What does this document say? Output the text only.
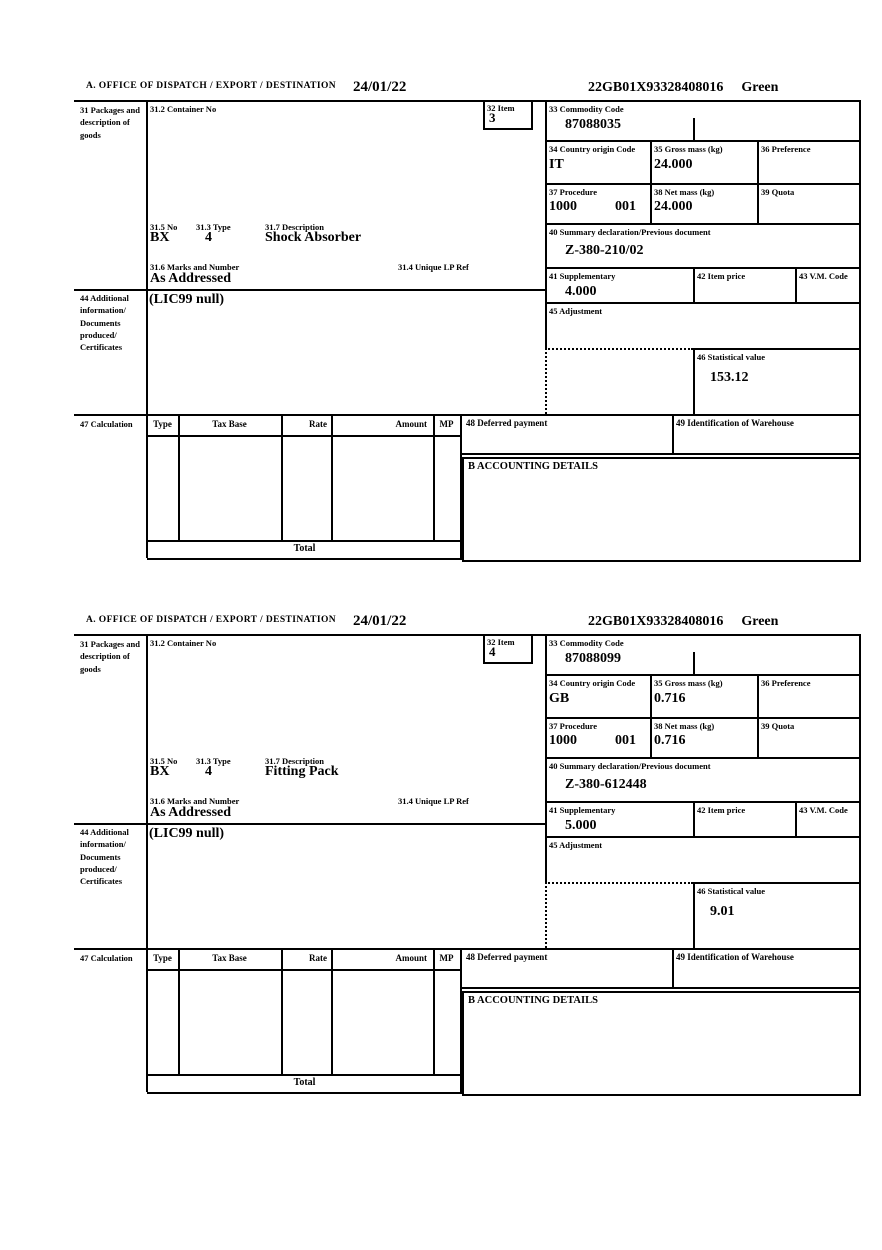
A. OFFICE OF DISPATCH / EXPORT / DESTINATION 24/01/22	22GB01X93328408016 Green
31 Packages and description of goods
44 Additional information/ Documents produced/ Certificates
47 Calculation
31.2 Container No	32 Item
3
31.5 No 31.3 Type	31.7 Description
BX	4	Shock Absorber
31.6 Marks and Number	31.4 Unique LP Ref
As Addressed
(LIC99 null)
33 Commodity Code
87088035
34 Country origin Code
IT
35 Gross mass (kg)
24.000
36 Preference
37 Procedure
1000	001
38 Net mass (kg)
24.000
39 Quota
40 Summary declaration/Previous document
Z-380-210/02
41 Supplementary
4.000
42 Item price	43 V.M. Code
45 Adjustment
46 Statistical value
153.12
Type	Tax Base	Rate	Amount	MP
Total
48 Deferred payment	49 Identification of Warehouse
B ACCOUNTING DETAILS
A. OFFICE OF DISPATCH / EXPORT / DESTINATION 24/01/22	22GB01X93328408016 Green
31 Packages and description of goods
44 Additional information/ Documents produced/ Certificates
47 Calculation
31.2 Container No	32 Item
4
31.5 No 31.3 Type	31.7 Description
BX	4	Fitting Pack
31.6 Marks and Number	31.4 Unique LP Ref
As Addressed
(LIC99 null)
33 Commodity Code
87088099
34 Country origin Code
GB
35 Gross mass (kg)
0.716
36 Preference
37 Procedure
1000	001
38 Net mass (kg)
0.716
39 Quota
40 Summary declaration/Previous document
Z-380-612448
41 Supplementary
5.000
42 Item price	43 V.M. Code
45 Adjustment
46 Statistical value
9.01
Type	Tax Base	Rate	Amount	MP
Total
48 Deferred payment	49 Identification of Warehouse
B ACCOUNTING DETAILS
